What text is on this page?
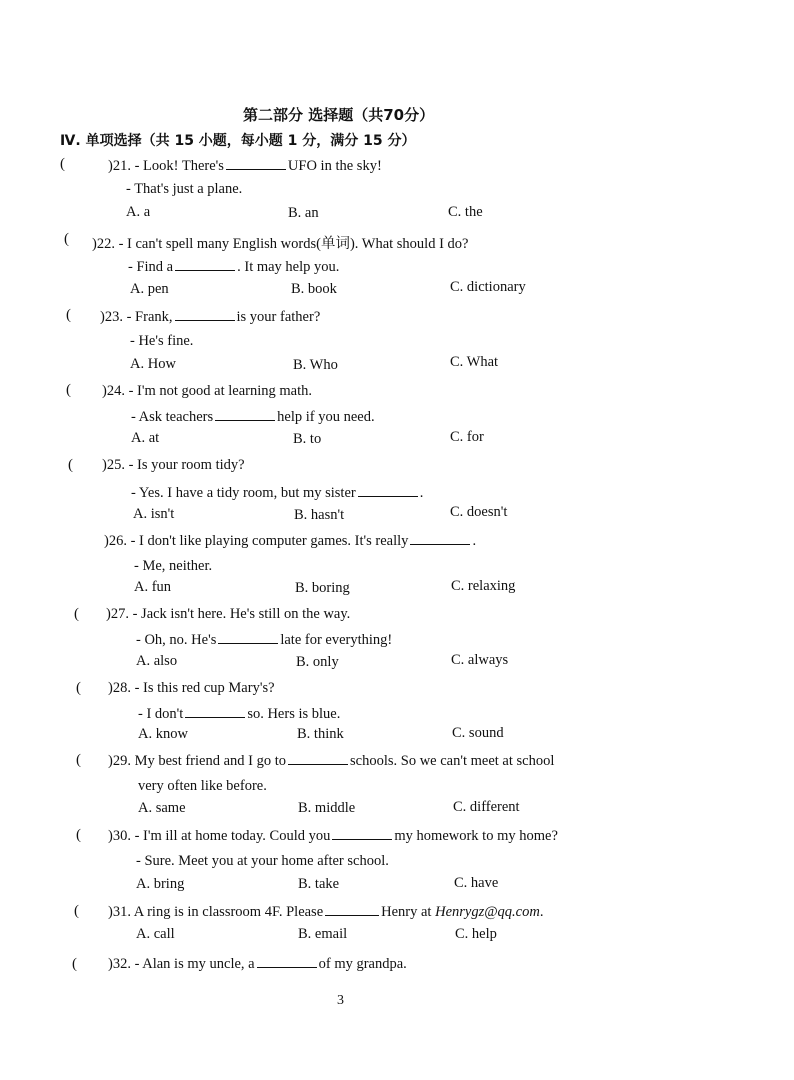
第二部分 选择题（共70分）
Ⅳ. 单项选择（共 15 小题，每小题 1 分，满分 15 分）
(	)21. - Look! There's	UFO in the sky!
- That's just a plane.
A. a	B. an	C. the
( )22. - I can't spell many English words(单词). What should I do?
- Find a	. It may help you.
A. pen	B. book	C. dictionary
( )23. - Frank,	is your father?
- He's fine.
A. How	B. Who	C. What
( )24. - I'm not good at learning math.
- Ask teachers	help if you need.
A. at	B. to	C. for
( )25. - Is your room tidy?
- Yes. I have a tidy room, but my sister	.
A. isn't	B. hasn't	C. doesn't
)26. - I don't like playing computer games. It's really	.
- Me, neither.
A. fun	B. boring	C. relaxing
( )27. - Jack isn't here. He's still on the way.
- Oh, no. He's	late for everything!
A. also	B. only	C. always
( )28. - Is this red cup Mary's?
- I don't	so. Hers is blue.
A. know	B. think	C. sound
( )29. My best friend and I go to	schools. So we can't meet at school
very often like before.
A. same	B. middle	C. different
( )30. - I'm ill at home today. Could you	my homework to my home?
- Sure. Meet you at your home after school.
A. bring	B. take	C. have
( )31. A ring is in classroom 4F. Please	Henry at Henrygz@qq.com.
A. call	B. email	C. help
( )32. - Alan is my uncle, a	of my grandpa.
3
